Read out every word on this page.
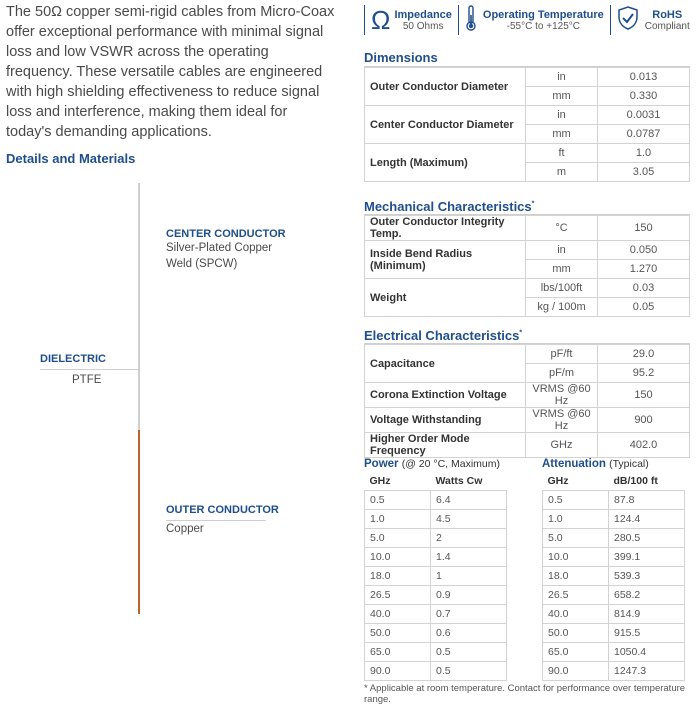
The 50Ω copper semi-rigid cables from Micro-Coax offer exceptional performance with minimal signal loss and low VSWR across the operating frequency. These versatile cables are engineered with high shielding effectiveness to reduce signal loss and interference, making them ideal for today's demanding applications.

Details and Materials
CENTER CONDUCTOR
Silver-Plated Copper
Weld (SPCW)
DIELECTRIC
PTFE
OUTER CONDUCTOR
Copper
Ω Impedance
50 Ohms
Operating Temperature
-55°C to +125°C
RoHS
Compliant
Dimensions
Outer Conductor Diameter	in	0.013
	mm	0.330
Center Conductor Diameter	in	0.0031
	mm	0.0787
Length (Maximum)	ft	1.0
	m	3.05
Mechanical Characteristics*
Outer Conductor Integrity Temp.	°C	150
Inside Bend Radius (Minimum)	in	0.050
	mm	1.270
Weight	lbs/100ft	0.03
	kg / 100m	0.05
Electrical Characteristics*
Capacitance	pF/ft	29.0
	pF/m	95.2
Corona Extinction Voltage	VRMS @60 Hz	150
Voltage Withstanding	VRMS @60 Hz	900
Higher Order Mode Frequency	GHz	402.0
Power (@ 20 °C, Maximum)
GHz	Watts Cw
0.5	6.4
1.0	4.5
5.0	2
10.0	1.4
18.0	1
26.5	0.9
40.0	0.7
50.0	0.6
65.0	0.5
90.0	0.5
Attenuation (Typical)
GHz	dB/100 ft
0.5	87.8
1.0	124.4
5.0	280.5
10.0	399.1
18.0	539.3
26.5	658.2
40.0	814.9
50.0	915.5
65.0	1050.4
90.0	1247.3
* Applicable at room temperature. Contact for performance over temperature range.
